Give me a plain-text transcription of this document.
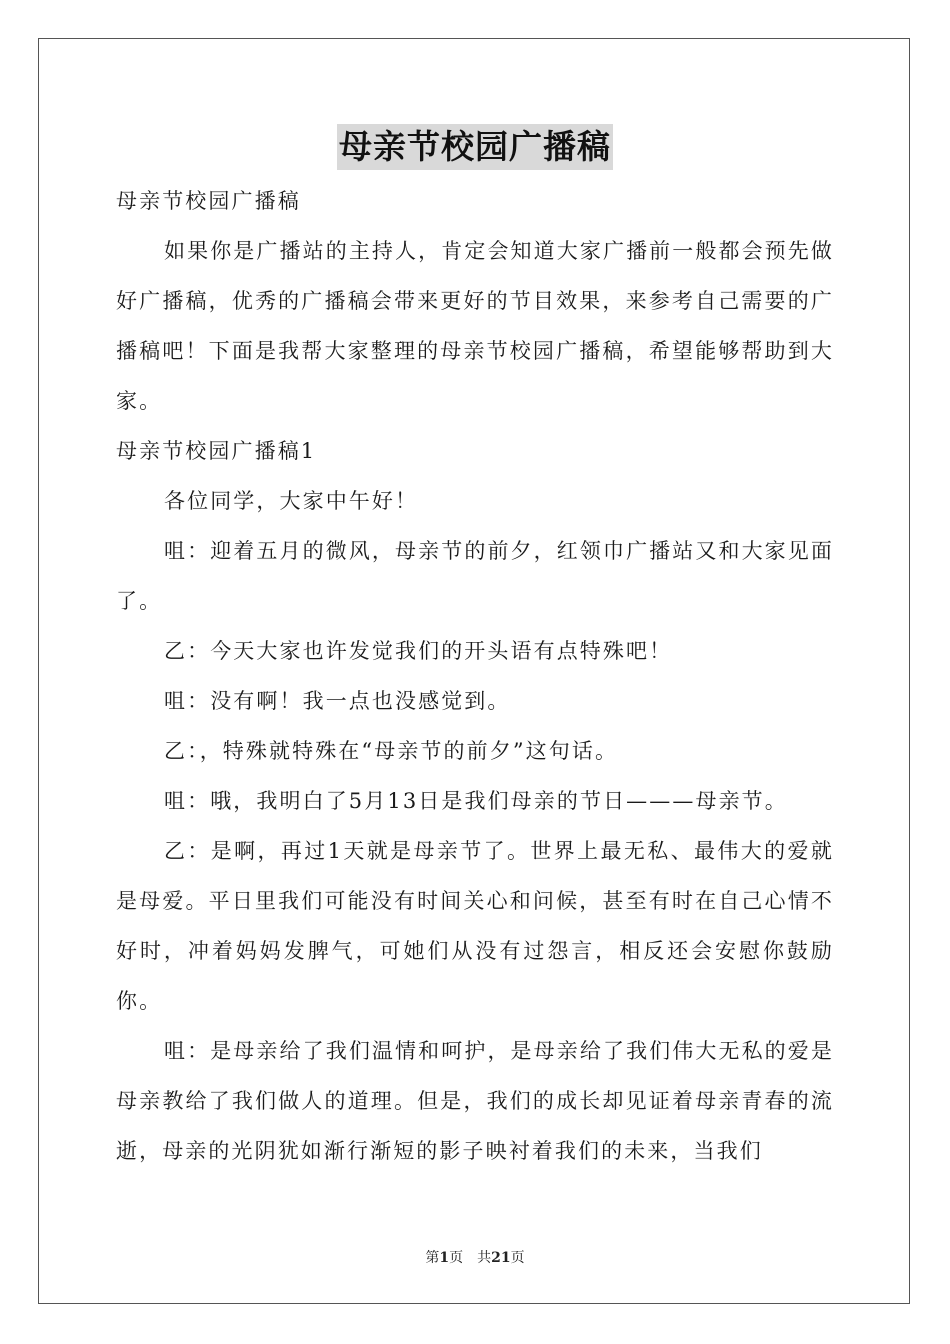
母亲节校园广播稿

母亲节校园广播稿

如果你是广播站的主持人，肯定会知道大家广播前一般都会预先做好广播稿，优秀的广播稿会带来更好的节目效果，来参考自己需要的广播稿吧！下面是我帮大家整理的母亲节校园广播稿，希望能够帮助到大家。

母亲节校园广播稿1

各位同学，大家中午好！

咀：迎着五月的微风，母亲节的前夕，红领巾广播站又和大家见面了。

乙：今天大家也许发觉我们的开头语有点特殊吧！

咀：没有啊！我一点也没感觉到。

乙：，特殊就特殊在“母亲节的前夕”这句话。

咀：哦，我明白了5月13日是我们母亲的节日———母亲节。

乙：是啊，再过1天就是母亲节了。世界上最无私、最伟大的爱就是母爱。平日里我们可能没有时间关心和问候，甚至有时在自己心情不好时，冲着妈妈发脾气，可她们从没有过怨言，相反还会安慰你鼓励你。

咀：是母亲给了我们温情和呵护，是母亲给了我们伟大无私的爱是母亲教给了我们做人的道理。但是，我们的成长却见证着母亲青春的流逝，母亲的光阴犹如渐行渐短的影子映衬着我们的未来，当我们

第1页　共21页
